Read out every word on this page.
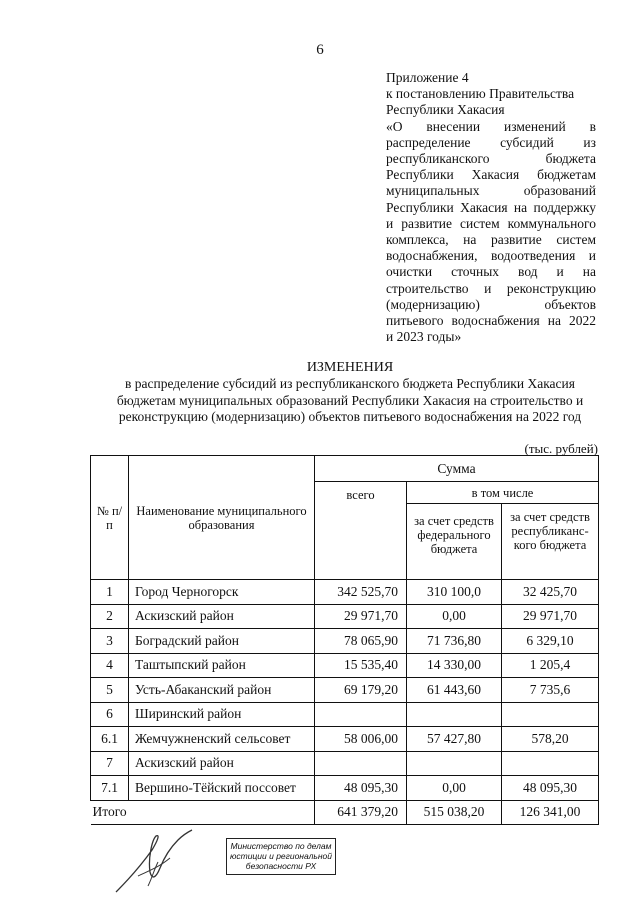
6
Приложение 4
к постановлению Правительства
Республики Хакасия
«О внесении изменений в
распределение субсидий из
республиканского бюджета
Республики Хакасия бюджетам
муниципальных образований
Республики Хакасия на поддержку
и развитие систем коммунального
комплекса, на развитие систем
водоснабжения, водоотведения и
очистки сточных вод и на
строительство и реконструкцию
(модернизацию) объектов
питьевого водоснабжения на 2022
и 2023 годы»
ИЗМЕНЕНИЯ
в распределение субсидий из республиканского бюджета Республики Хакасия
бюджетам муниципальных образований Республики Хакасия на строительство и
реконструкцию (модернизацию) объектов питьевого водоснабжения на 2022 год
(тыс. рублей)
№ п/п	Наименование муниципального образования	Сумма		
		всего	в том числе	
			за счет средств федерального бюджета	за счет средств республиканс-кого бюджета
1	Город Черногорск	342 525,70	310 100,0	32 425,70
2	Аскизский район	29 971,70	0,00	29 971,70
3	Боградский район	78 065,90	71 736,80	6 329,10
4	Таштыпский район	15 535,40	14 330,00	1 205,4
5	Усть-Абаканский район	69 179,20	61 443,60	7 735,6
6	Ширинский район			
6.1	Жемчужненский сельсовет	58 006,00	57 427,80	578,20
7	Аскизский район			
7.1	Вершино-Тёйский поссовет	48 095,30	0,00	48 095,30
Итого		641 379,20	515 038,20	126 341,00
Министерство по делам
юстиции и региональной
безопасности РХ
